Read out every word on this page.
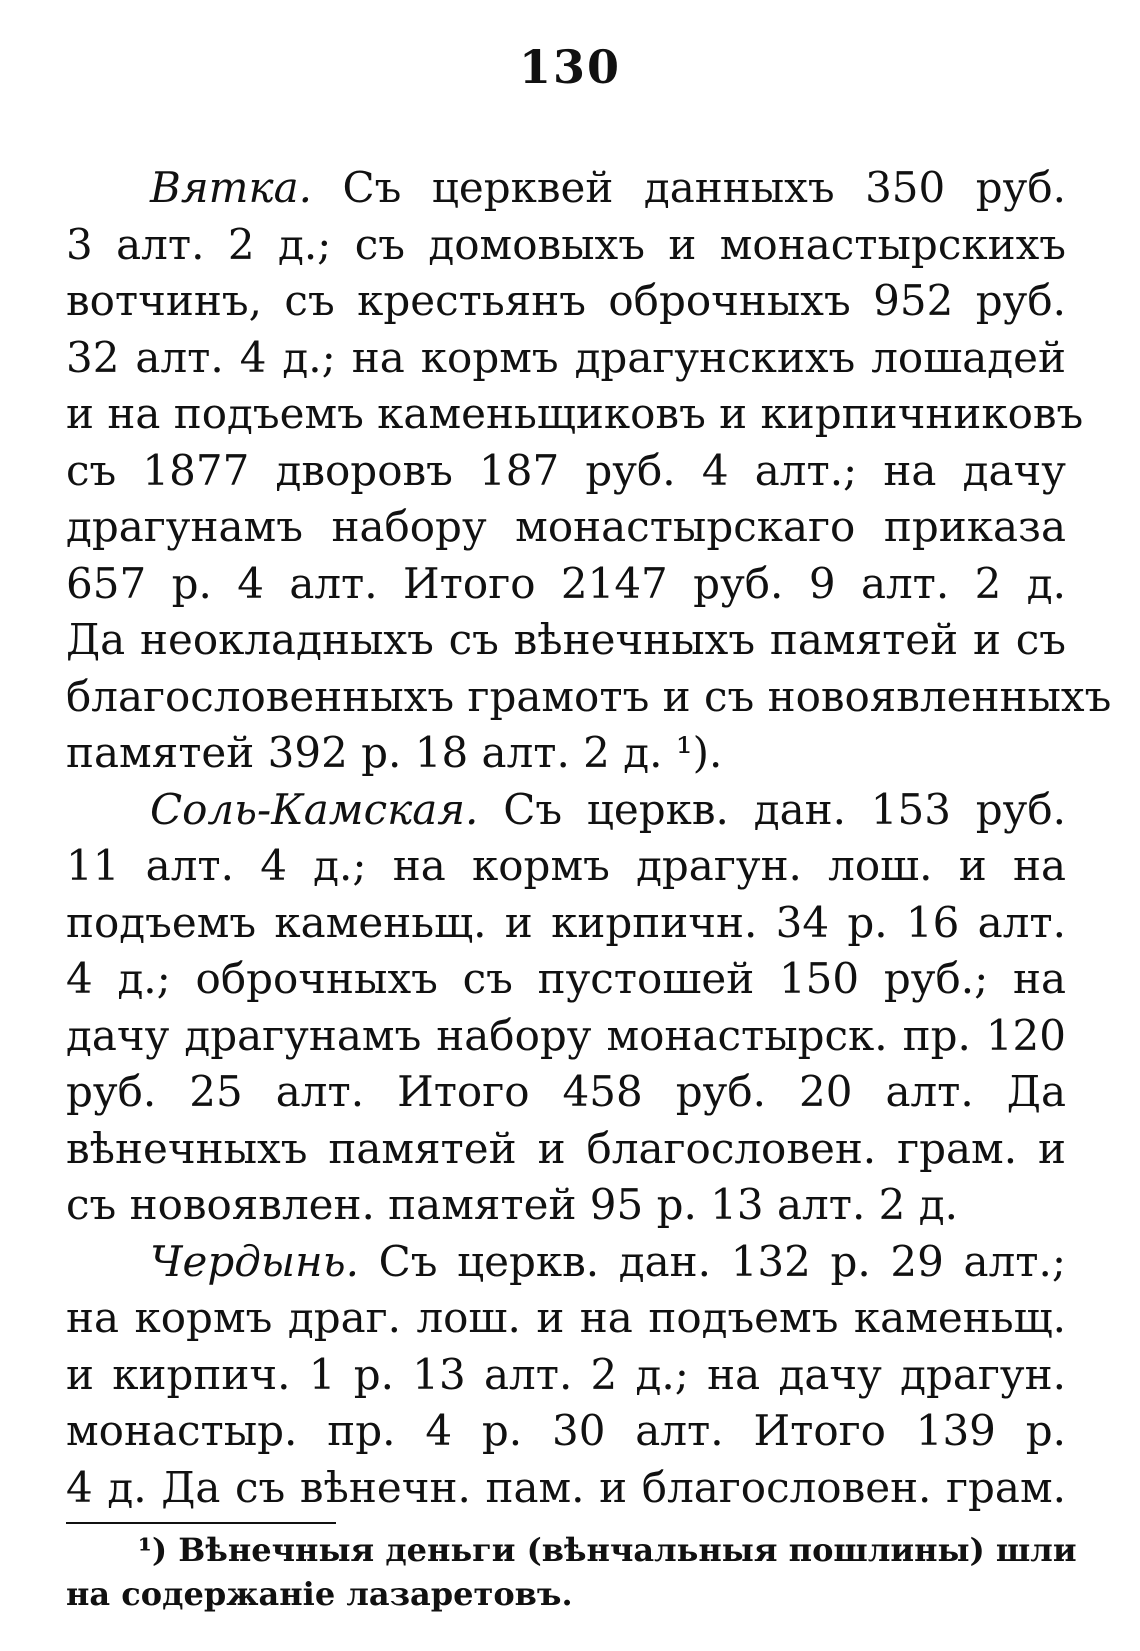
130
Вятка. Съ церквей данныхъ 350 руб.
3 алт. 2 д.; съ домовыхъ и монастырскихъ
вотчинъ, съ крестьянъ оброчныхъ 952 руб.
32 алт. 4 д.; на кормъ драгунскихъ лошадей
и на подъемъ каменьщиковъ и кирпичниковъ
съ 1877 дворовъ 187 руб. 4 алт.; на дачу
драгунамъ набору монастырскаго приказа
657 р. 4 алт. Итого 2147 руб. 9 алт. 2 д.
Да неокладныхъ съ вѣнечныхъ памятей и съ
благословенныхъ грамотъ и съ новоявленныхъ
памятей 392 р. 18 алт. 2 д. ¹).
Соль-Камская. Съ церкв. дан. 153 руб.
11 алт. 4 д.; на кормъ драгун. лош. и на
подъемъ каменьщ. и кирпичн. 34 р. 16 алт.
4 д.; оброчныхъ съ пустошей 150 руб.; на
дачу драгунамъ набору монастырск. пр. 120
руб. 25 алт. Итого 458 руб. 20 алт. Да
вѣнечныхъ памятей и благословен. грам. и
съ новоявлен. памятей 95 р. 13 алт. 2 д.
Чердынь. Съ церкв. дан. 132 р. 29 алт.;
на кормъ драг. лош. и на подъемъ каменьщ.
и кирпич. 1 р. 13 алт. 2 д.; на дачу драгун.
монастыр. пр. 4 р. 30 алт. Итого 139 р.
4 д. Да съ вѣнечн. пам. и благословен. грам.
¹) Вѣнечныя деньги (вѣнчальныя пошлины) шли
на содержаніе лазаретовъ.
